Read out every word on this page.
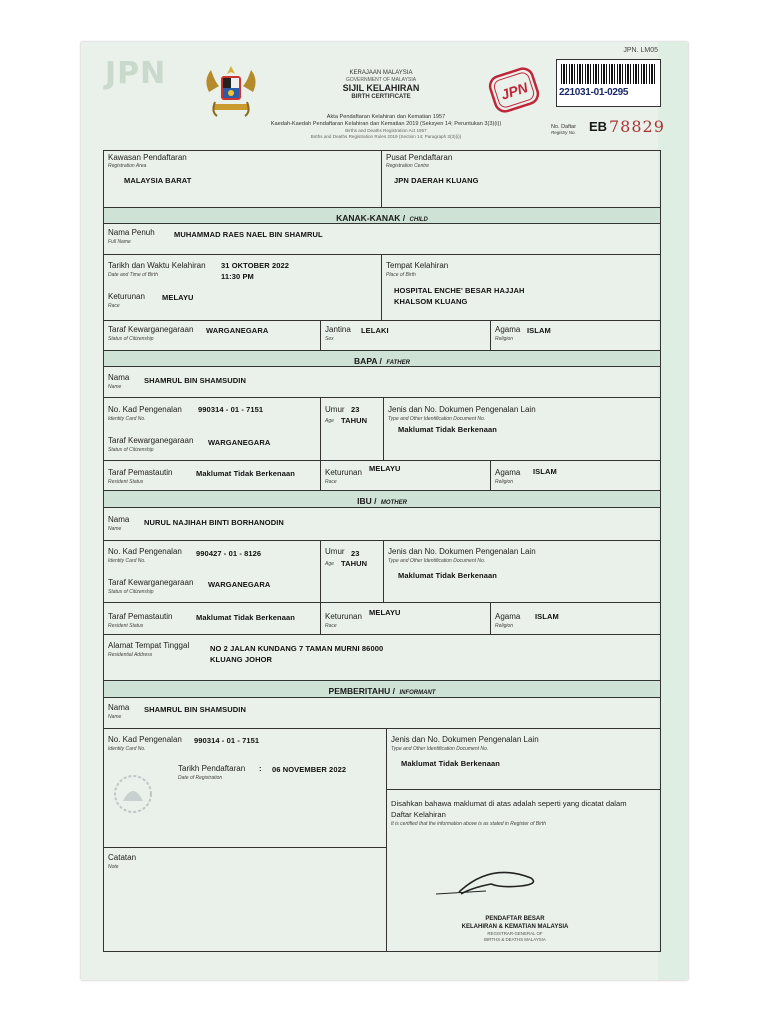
JPN
JPN. LM05
KERAJAAN MALAYSIA
GOVERNMENT OF MALAYSIA
SIJIL KELAHIRAN
BIRTH CERTIFICATE
Akta Pendaftaran Kelahiran dan Kematian 1957
Kaedah-Kaedah Pendaftaran Kelahiran dan Kematian 2019 (Seksyen 14; Peruntukan 3(3)(i))
Births and Deaths Registration Act 1957
Births and Deaths Registration Rules 2019 (Section 14; Paragraph 3(3)(i))
JPN	221031-01-0295
No. Daftar
Registry No.	EB 78829
Kawasan Pendaftaran
Registration Area
MALAYSIA BARAT
Pusat Pendaftaran
Registration Centre
JPN DAERAH KLUANG
KANAK-KANAK / CHILD
Nama Penuh
Full Name
MUHAMMAD RAES NAEL BIN SHAMRUL
Tarikh dan Waktu Kelahiran
Date and Time of Birth
31 OKTOBER 2022
11:30 PM
Keturunan
Race
MELAYU
Tempat Kelahiran
Place of Birth
HOSPITAL ENCHE' BESAR HAJJAH
KHALSOM KLUANG
Taraf Kewarganegaraan
Status of Citizenship
WARGANEGARA	Jantina
Sex
LELAKI	Agama
Religion
ISLAM
BAPA / FATHER
Nama
Name
SHAMRUL BIN SHAMSUDIN
No. Kad Pengenalan
Identity Card No.
990314 - 01 - 7151
Taraf Kewarganegaraan
Status of Citizenship
WARGANEGARA
Umur 23
Age TAHUN
Jenis dan No. Dokumen Pengenalan Lain
Type and Other Identification Document No.
Maklumat Tidak Berkenaan
Taraf Pemastautin
Resident Status
Maklumat Tidak Berkenaan	Keturunan
Race
MELAYU	Agama
Religion
ISLAM
IBU / MOTHER
Nama
Name
NURUL NAJIHAH BINTI BORHANODIN
No. Kad Pengenalan
Identity Card No.
990427 - 01 - 8126
Taraf Kewarganegaraan
Status of Citizenship
WARGANEGARA
Umur 23
Age TAHUN
Jenis dan No. Dokumen Pengenalan Lain
Type and Other Identification Document No.
Maklumat Tidak Berkenaan
Taraf Pemastautin
Resident Status
Maklumat Tidak Berkenaan	Keturunan
Race
MELAYU	Agama
Religion
ISLAM
Alamat Tempat Tinggal
Residential Address
NO 2 JALAN KUNDANG 7 TAMAN MURNI 86000
KLUANG JOHOR
PEMBERITAHU / INFORMANT
Nama
Name
SHAMRUL BIN SHAMSUDIN
No. Kad Pengenalan
Identity Card No.
990314 - 01 - 7151
Tarikh Pendaftaran
Date of Registration
: 06 NOVEMBER 2022
Catatan
Note
Jenis dan No. Dokumen Pengenalan Lain
Type and Other Identification Document No.
Maklumat Tidak Berkenaan
Disahkan bahawa maklumat di atas adalah seperti yang dicatat dalam
Daftar Kelahiran
It is certified that the information above is as stated in Register of Birth
PENDAFTAR BESAR
KELAHIRAN & KEMATIAN MALAYSIA
REGISTRAR-GENERAL OF
BIRTHS & DEATHS MALAYSIA
